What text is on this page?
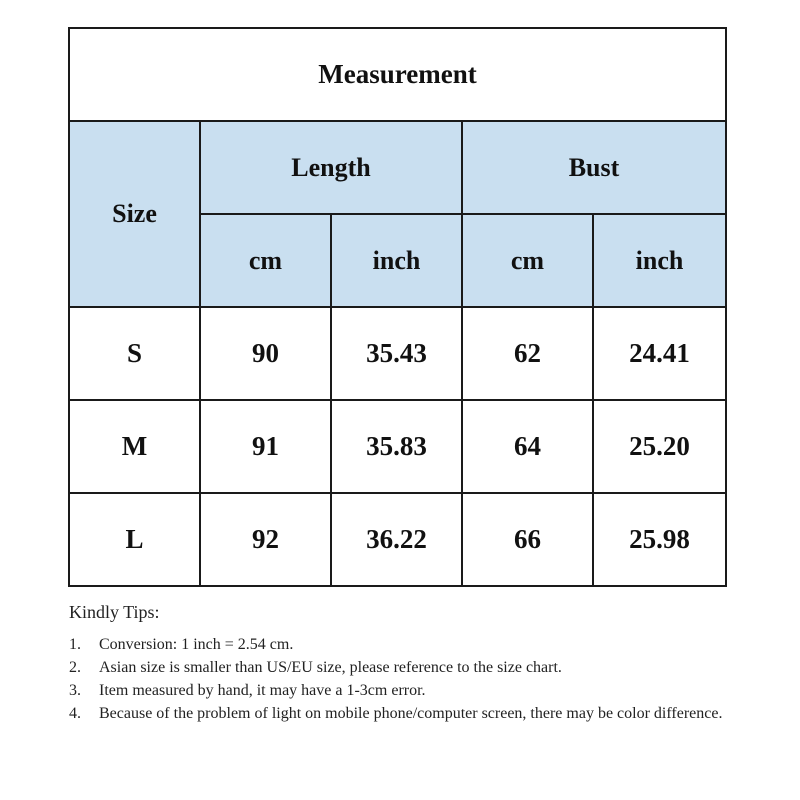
Measurement				
Size	Length		Bust	
	cm	inch	cm	inch
S	90	35.43	62	24.41
M	91	35.83	64	25.20
L	92	36.22	66	25.98
Kindly Tips:
1.	Conversion: 1 inch = 2.54 cm.
2.	Asian size is smaller than US/EU size, please reference to the size chart.
3.	Item measured by hand, it may have a 1-3cm error.
4.	Because of the problem of light on mobile phone/computer screen, there may be color difference.
